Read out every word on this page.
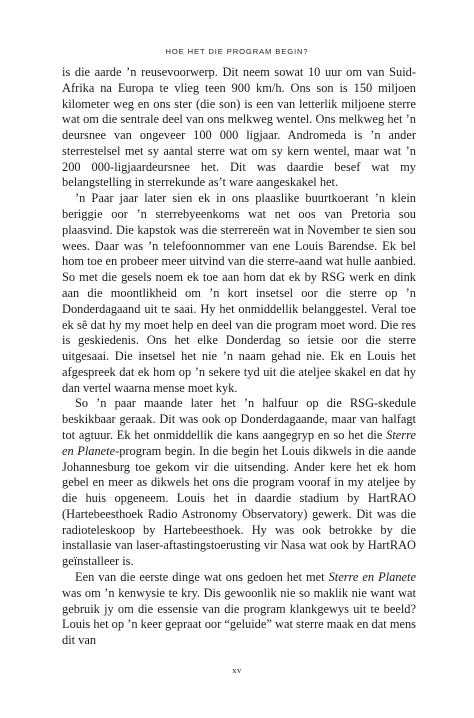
HOE HET DIE PROGRAM BEGIN?

is die aarde ’n reusevoorwerp. Dit neem sowat 10 uur om van Suid-Afrika na Europa te vlieg teen 900 km/h. Ons son is 150 miljoen kilometer weg en ons ster (die son) is een van letterlik miljoene sterre wat om die sentrale deel van ons melkweg wentel. Ons melkweg het ’n deursnee van ongeveer 100 000 ligjaar. Andromeda is ’n ander sterrestelsel met sy aantal sterre wat om sy kern wentel, maar wat ’n 200 000-ligjaardeursnee het. Dit was daardie besef wat my belangstelling in sterrekunde as’t ware aangeskakel het.

’n Paar jaar later sien ek in ons plaaslike buurtkoerant ’n klein beriggie oor ’n sterrebyeenkoms wat net oos van Pretoria sou plaasvind. Die kapstok was die sterrereën wat in November te sien sou wees. Daar was ’n telefoonnommer van ene Louis Barendse. Ek bel hom toe en probeer meer uitvind van die sterre-aand wat hulle aanbied. So met die gesels noem ek toe aan hom dat ek by RSG werk en dink aan die moontlikheid om ’n kort insetsel oor die sterre op ’n Donderdagaand uit te saai. Hy het onmiddellik belanggestel. Veral toe ek sê dat hy my moet help en deel van die program moet word. Die res is geskiedenis. Ons het elke Donderdag so ietsie oor die sterre uitgesaai. Die insetsel het nie ’n naam gehad nie. Ek en Louis het afgespreek dat ek hom op ’n sekere tyd uit die ateljee skakel en dat hy dan vertel waarna mense moet kyk.

So ’n paar maande later het ’n halfuur op die RSG-skedule beskikbaar geraak. Dit was ook op Donderdagaande, maar van halfagt tot agtuur. Ek het onmiddellik die kans aangegryp en so het die Sterre en Planete-program begin. In die begin het Louis dikwels in die aande Johannesburg toe gekom vir die uitsending. Ander kere het ek hom gebel en meer as dikwels het ons die program vooraf in my ateljee by die huis opgeneem. Louis het in daardie stadium by HartRAO (Hartebeesthoek Radio Astronomy Observatory) gewerk. Dit was die radioteleskoop by Hartebeesthoek. Hy was ook betrokke by die installasie van laser-aftastingstoerusting vir Nasa wat ook by HartRAO geïnstalleer is.

Een van die eerste dinge wat ons gedoen het met Sterre en Planete was om ’n kenwysie te kry. Dis gewoonlik nie so maklik nie want wat gebruik jy om die essensie van die program klankgewys uit te beeld? Louis het op ’n keer gepraat oor “geluide” wat sterre maak en dat mens dit van

xv
